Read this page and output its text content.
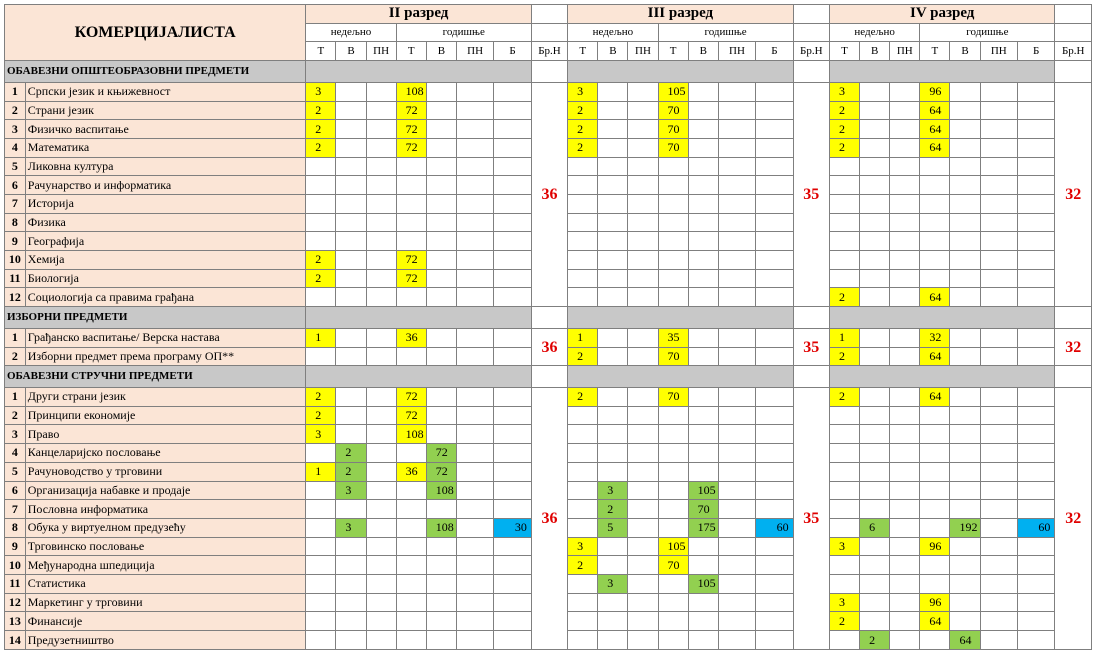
КОМЕРЦИЈАЛИСТА		II разред								III разред								IV разред							
		недељно			годишње					недељно			годишње					недељно			годишње				
		Т	В	ПН	Т	В	ПН	Б	Бр.Н	Т	В	ПН	Т	В	ПН	Б	Бр.Н	Т	В	ПН	Т	В	ПН	Б	Бр.Н
ОБАВЕЗНИ ОПШТЕОБРАЗОВНИ ПРЕДМЕТИ																									
1	Српски језик и књижевност	3			108				36	3			105				35	3			96				32
2	Страни језик	2			72					2			70					2			64				
3	Физичко васпитање	2			72					2			70					2			64				
4	Математика	2			72					2			70					2			64				
5	Ликовна култура																								
6	Рачунарство и информатика																								
7	Историја																								
8	Физика																								
9	Географија																								
10	Хемија	2			72																				
11	Биологија	2			72																				
12	Социологија са правима грађана																	2			64				
ИЗБОРНИ ПРЕДМЕТИ																									
1	Грађанско васпитање/ Верска настава	1			36				36	1			35				35	1			32				32
2	Изборни предмет према програму ОП**									2			70					2			64				
ОБАВЕЗНИ СТРУЧНИ ПРЕДМЕТИ																									
1	Други страни језик	2			72				36	2			70				35	2			64				32
2	Принципи економије	2			72																				
3	Право	3			108																				
4	Канцеларијско пословање		2			72																			
5	Рачуноводство у трговини	1	2		36	72																			
6	Организација набавке и продаје		3			108					3			105											
7	Пословна информатика										2			70											
8	Обука у виртуелном предузећу		3			108		30			5			175		60			6			192		60	
9	Трговинско пословање									3			105					3			96				
10	Међународна шпедиција									2			70												
11	Статистика										3			105											
12	Маркетинг у трговини																	3			96				
13	Финансије																	2			64				
14	Предузетништво																		2			64			
